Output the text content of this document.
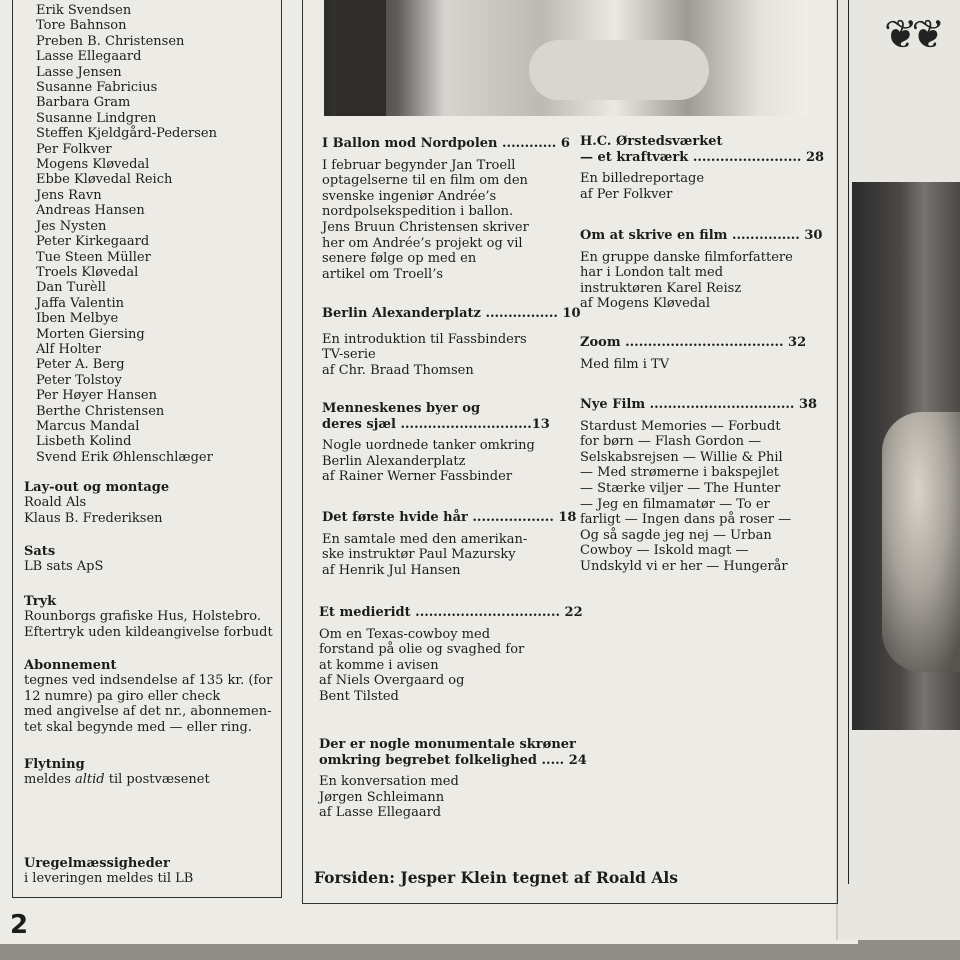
❦❦
Erik Svendsen
Tore Bahnson
Preben B. Christensen
Lasse Ellegaard
Lasse Jensen
Susanne Fabricius
Barbara Gram
Susanne Lindgren
Steffen Kjeldgård-Pedersen
Per Folkver
Mogens Kløvedal
Ebbe Kløvedal Reich
Jens Ravn
Andreas Hansen
Jes Nysten
Peter Kirkegaard
Tue Steen Müller
Troels Kløvedal
Dan Turèll
Jaffa Valentin
Iben Melbye
Morten Giersing
Alf Holter
Peter A. Berg
Peter Tolstoy
Per Høyer Hansen
Berthe Christensen
Marcus Mandal
Lisbeth Kolind
Svend Erik Øhlenschlæger
Lay-out og montage
Roald Als
Klaus B. Frederiksen
Sats
LB sats ApS
Tryk
Rounborgs grafiske Hus, Holstebro.
Eftertryk uden kildeangivelse forbudt
Abonnement
tegnes ved indsendelse af 135 kr. (for
12 numre) pa giro eller check
med angivelse af det nr., abonnemen-
tet skal begynde med — eller ring.
Flytning
meldes altid til postvæsenet
Uregelmæssigheder
i leveringen meldes til LB
I Ballon mod Nordpolen ............ 6
I februar begynder Jan Troell
optagelserne til en film om den
svenske ingeniør Andrée’s
nordpolsekspedition i ballon.
Jens Bruun Christensen skriver
her om Andrée’s projekt og vil
senere følge op med en
artikel om Troell’s
Berlin Alexanderplatz ................ 10
En introduktion til Fassbinders
TV-serie
af Chr. Braad Thomsen
Menneskenes byer og
deres sjæl .............................13
Nogle uordnede tanker omkring
Berlin Alexanderplatz
af Rainer Werner Fassbinder
Det første hvide hår .................. 18
En samtale med den amerikan-
ske instruktør Paul Mazursky
af Henrik Jul Hansen
Et medieridt ................................ 22
Om en Texas-cowboy med
forstand på olie og svaghed for
at komme i avisen
af Niels Overgaard og
Bent Tilsted
Der er nogle monumentale skrøner
omkring begrebet folkelighed ..... 24
En konversation med
Jørgen Schleimann
af Lasse Ellegaard
H.C. Ørstedsværket
— et kraftværk ........................ 28
En billedreportage
af Per Folkver
Om at skrive en film ............... 30
En gruppe danske filmforfattere
har i London talt med
instruktøren Karel Reisz
af Mogens Kløvedal
Zoom ................................... 32
Med film i TV
Nye Film ................................ 38
Stardust Memories — Forbudt
for børn — Flash Gordon —
Selskabsrejsen — Willie & Phil
— Med strømerne i bakspejlet
— Stærke viljer — The Hunter
— Jeg en filmamatør — To er
farligt — Ingen dans på roser —
Og så sagde jeg nej — Urban
Cowboy — Iskold magt —
Undskyld vi er her — Hungerår
Forsiden: Jesper Klein tegnet af Roald Als
2
